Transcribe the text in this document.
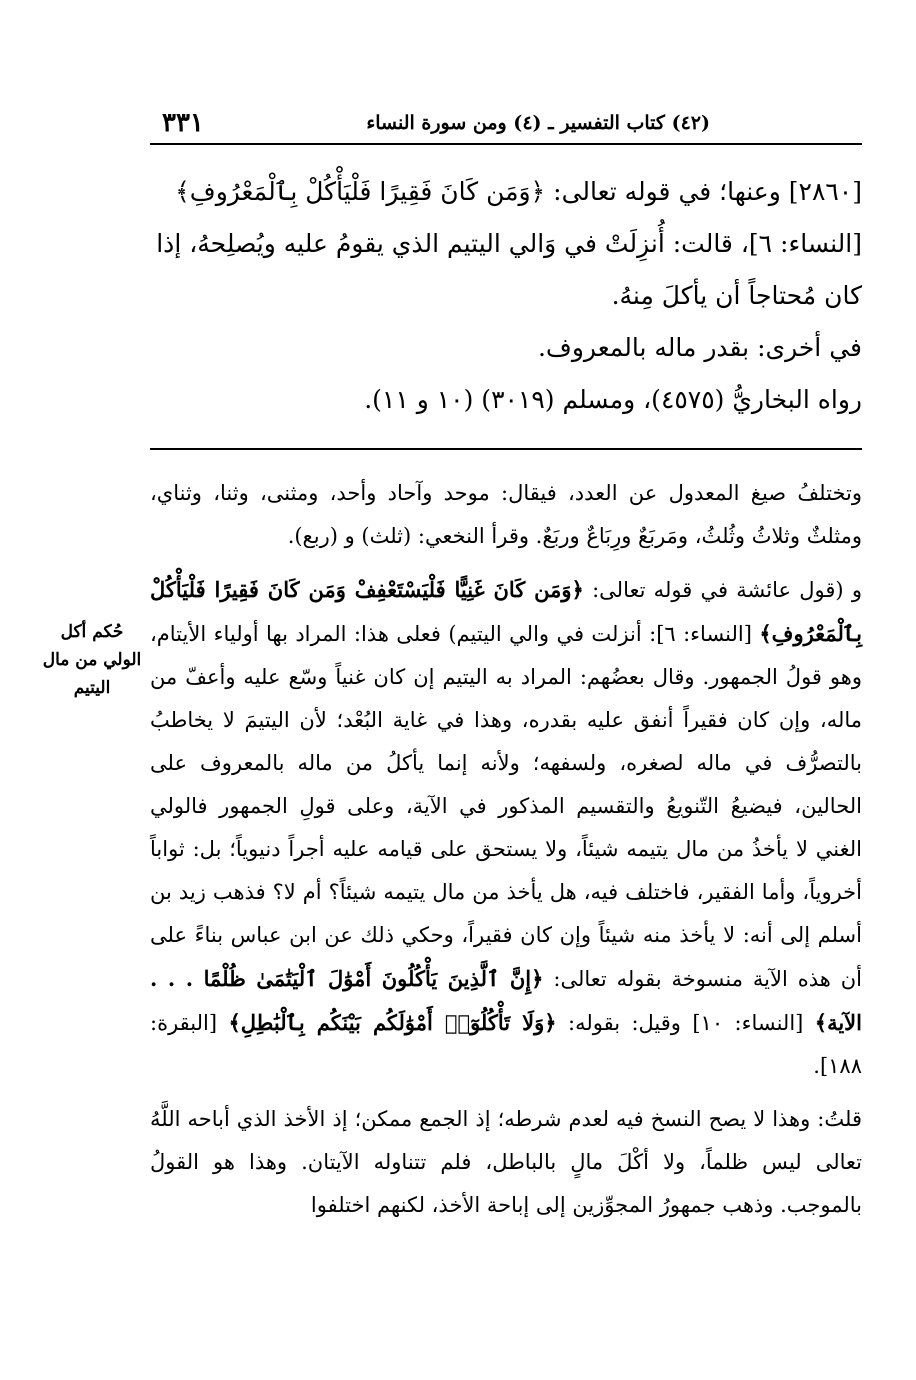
٣٣١	(٤٢) كتاب التفسير ـ (٤) ومن سورة النساء

[٢٨٦٠] وعنها؛ في قوله تعالى: ﴿وَمَن كَانَ فَقِيرًا فَلْيَأْكُلْ بِٱلْمَعْرُوفِ﴾

[النساء: ٦]، قالت: أُنزِلَتْ في وَالي اليتيم الذي يقومُ عليه ويُصلِحهُ، إذا

كان مُحتاجاً أن يأكلَ مِنهُ.

في أخرى: بقدر ماله بالمعروف.

رواه البخاريُّ (٤٥٧٥)، ومسلم (٣٠١٩) (١٠ و ١١).

وتختلفُ صيغ المعدول عن العدد، فيقال: موحد وآحاد وأحد، ومثنى، وثنا، وثناي، ومثلثٌ وثلاثُ وثُلثُ، ومَربَعٌ ورِبَاعٌ وربَعٌ. وقرأ النخعي: (ثلث) و (ربع).

و (قول عائشة في قوله تعالى: ﴿وَمَن كَانَ غَنِيًّا فَلْيَسْتَعْفِفْ وَمَن كَانَ فَقِيرًا فَلْيَأْكُلْ بِٱلْمَعْرُوفِ﴾ [النساء: ٦]: أنزلت في والي اليتيم) فعلى هذا: المراد بها أولياء الأيتام، وهو قولُ الجمهور. وقال بعضُهم: المراد به اليتيم إن كان غنياً وسّع عليه وأعفّ من ماله، وإن كان فقيراً أنفق عليه بقدره، وهذا في غاية البُعْد؛ لأن اليتيمَ لا يخاطبُ بالتصرُّف في ماله لصغره، ولسفهه؛ ولأنه إنما يأكلُ من ماله بالمعروف على الحالين، فيضيعُ التّنويعُ والتقسيم المذكور في الآية، وعلى قولِ الجمهور فالولي الغني لا يأخذُ من مال يتيمه شيئاً، ولا يستحق على قيامه عليه أجراً دنيوياً؛ بل: ثواباً أخروياً، وأما الفقير، فاختلف فيه، هل يأخذ من مال يتيمه شيئاً؟ أم لا؟ فذهب زيد بن أسلم إلى أنه: لا يأخذ منه شيئاً وإن كان فقيراً، وحكي ذلك عن ابن عباس بناءً على أن هذه الآية منسوخة بقوله تعالى: ﴿إِنَّ ٱلَّذِينَ يَأْكُلُونَ أَمْوَٰلَ ٱلْيَتَٰمَىٰ ظُلْمًا . . . الآية﴾ [النساء: ١٠] وقيل: بقوله: ﴿وَلَا تَأْكُلُوٓا۟ أَمْوَٰلَكُم بَيْنَكُم بِٱلْبَٰطِلِ﴾ [البقرة: ١٨٨].

قلتُ: وهذا لا يصح النسخ فيه لعدم شرطه؛ إذ الجمع ممكن؛ إذ الأخذ الذي أباحه اللَّهُ تعالى ليس ظلماً، ولا أكْلَ مالٍ بالباطل، فلم تتناوله الآيتان. وهذا هو القولُ بالموجب. وذهب جمهورُ المجوِّزين إلى إباحة الأخذ، لكنهم اختلفوا

حُكم أكل الولي من مال اليتيم
